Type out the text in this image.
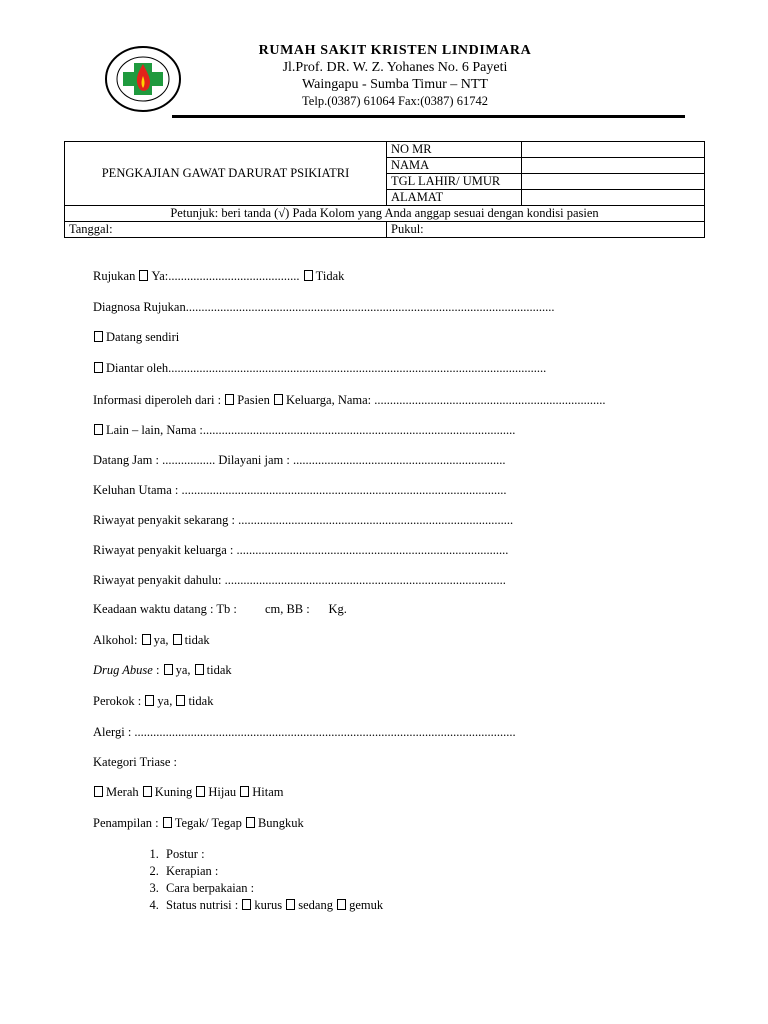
RUMAH SAKIT KRISTEN LINDIMARA
Jl.Prof. DR. W. Z. Yohanes No. 6 Payeti
Waingapu - Sumba Timur – NTT
Telp.(0387) 61064 Fax:(0387) 61742
PENGKAJIAN GAWAT DARURAT PSIKIATRI	NO MR	
	NAMA	
	TGL LAHIR/ UMUR	
	ALAMAT	
Petunjuk: beri tanda (√) Pada Kolom yang Anda anggap sesuai dengan kondisi pasien		
Tanggal:	Pukul:	
Rujukan Ya:.......................................... Tidak
Diagnosa Rujukan......................................................................................................................
Datang sendiri
Diantar oleh.........................................................................................................................
Informasi diperoleh dari : Pasien Keluarga, Nama: ..........................................................................
Lain – lain, Nama :....................................................................................................
Datang Jam : ................. Dilayani jam : ....................................................................
Keluhan Utama : ........................................................................................................
Riwayat penyakit sekarang : ........................................................................................
Riwayat penyakit keluarga : .......................................................................................
Riwayat penyakit dahulu: ..........................................................................................
Keadaan waktu datang : Tb :         cm, BB :      Kg.
Alkohol: ya, tidak
Drug Abuse : ya, tidak
Perokok : ya, tidak
Alergi : ..........................................................................................................................
Kategori Triase :
Merah Kuning Hijau Hitam
Penampilan : Tegak/ Tegap Bungkuk
1. Postur :
2. Kerapian :
3. Cara berpakaian :
4. Status nutrisi : kurus sedang gemuk
